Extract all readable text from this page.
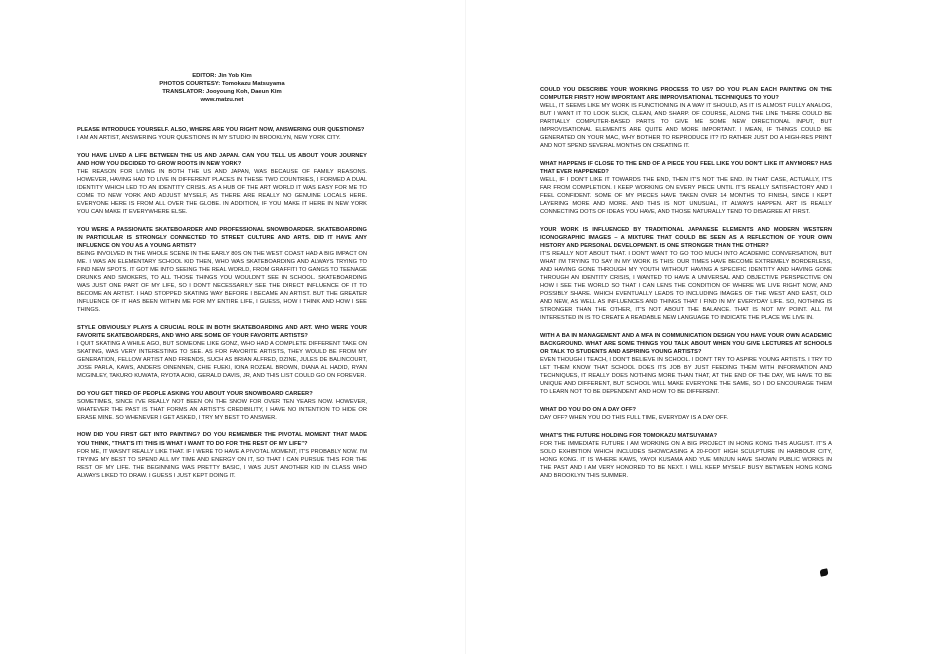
EDITOR: Jin Yob Kim
PHOTOS COURTESY: Tomokazu Matsuyama
TRANSLATOR: Jooyoung Koh, Daeun Kim
www.matzu.net
PLEASE INTRODUCE YOURSELF. ALSO, WHERE ARE YOU RIGHT NOW, ANSWERING OUR QUESTIONS?
I AM AN ARTIST, ANSWERING YOUR QUESTIONS IN MY STUDIO IN BROOKLYN, NEW YORK CITY.
YOU HAVE LIVED A LIFE BETWEEN THE US AND JAPAN. CAN YOU TELL US ABOUT YOUR JOURNEY AND HOW YOU DECIDED TO GROW ROOTS IN NEW YORK?
THE REASON FOR LIVING IN BOTH THE US AND JAPAN, WAS BECAUSE OF FAMILY REASONS. HOWEVER, HAVING HAD TO LIVE IN DIFFERENT PLACES IN THESE TWO COUNTRIES, I FORMED A DUAL IDENTITY WHICH LED TO AN IDENTITY CRISIS. AS A HUB OF THE ART WORLD IT WAS EASY FOR ME TO COME TO NEW YORK AND ADJUST MYSELF, AS THERE ARE REALLY NO GENUINE LOCALS HERE. EVERYONE HERE IS FROM ALL OVER THE GLOBE. IN ADDITION, IF YOU MAKE IT HERE IN NEW YORK YOU CAN MAKE IT EVERYWHERE ELSE.
YOU WERE A PASSIONATE SKATEBOARDER AND PROFESSIONAL SNOWBOARDER. SKATEBOARDING IN PARTICULAR IS STRONGLY CONNECTED TO STREET CULTURE AND ARTS. DID IT HAVE ANY INFLUENCE ON YOU AS A YOUNG ARTIST?
BEING INVOLVED IN THE WHOLE SCENE IN THE EARLY 80S ON THE WEST COAST HAD A BIG IMPACT ON ME. I WAS AN ELEMENTARY SCHOOL KID THEN, WHO WAS SKATEBOARDING AND ALWAYS TRYING TO FIND NEW SPOTS. IT GOT ME INTO SEEING THE REAL WORLD, FROM GRAFFITI TO GANGS TO TEENAGE DRUNKS AND SMOKERS, TO ALL THOSE THINGS YOU WOULDN'T SEE IN SCHOOL. SKATEBOARDING WAS JUST ONE PART OF MY LIFE, SO I DON'T NECESSARILY SEE THE DIRECT INFLUENCE OF IT TO BECOME AN ARTIST. I HAD STOPPED SKATING WAY BEFORE I BECAME AN ARTIST. BUT THE GREATER INFLUENCE OF IT HAS BEEN WITHIN ME FOR MY ENTIRE LIFE, I GUESS, HOW I THINK AND HOW I SEE THINGS.
STYLE OBVIOUSLY PLAYS A CRUCIAL ROLE IN BOTH SKATEBOARDING AND ART. WHO WERE YOUR FAVORITE SKATEBOARDERS, AND WHO ARE SOME OF YOUR FAVORITE ARTISTS?
I QUIT SKATING A WHILE AGO, BUT SOMEONE LIKE GONZ, WHO HAD A COMPLETE DIFFERENT TAKE ON SKATING, WAS VERY INTERESTING TO SEE. AS FOR FAVORITE ARTISTS, THEY WOULD BE FROM MY GENERATION, FELLOW ARTIST AND FRIENDS, SUCH AS BRIAN ALFRED, DZINE, JULES DE BALINCOURT, JOSE PARLA, KAWS, ANDERS OINENNEN, CHIE FUEKI, IONA ROZEAL BROWN, DIANA AL HADID, RYAN MCGINLEY, TAKURO KUWATA, RYOTA AOKI, GERALD DAVIS, JR, AND THIS LIST COULD GO ON FOREVER.
DO YOU GET TIRED OF PEOPLE ASKING YOU ABOUT YOUR SNOWBOARD CAREER?
SOMETIMES, SINCE I'VE REALLY NOT BEEN ON THE SNOW FOR OVER TEN YEARS NOW. HOWEVER, WHATEVER THE PAST IS THAT FORMS AN ARTIST'S CREDIBILITY, I HAVE NO INTENTION TO HIDE OR ERASE MINE. SO WHENEVER I GET ASKED, I TRY MY BEST TO ANSWER.
HOW DID YOU FIRST GET INTO PAINTING? DO YOU REMEMBER THE PIVOTAL MOMENT THAT MADE YOU THINK, "THAT'S IT! THIS IS WHAT I WANT TO DO FOR THE REST OF MY LIFE"?
FOR ME, IT WASN'T REALLY LIKE THAT. IF I WERE TO HAVE A PIVOTAL MOMENT, IT'S PROBABLY NOW. I'M TRYING MY BEST TO SPEND ALL MY TIME AND ENERGY ON IT, SO THAT I CAN PURSUE THIS FOR THE REST OF MY LIFE. THE BEGINNING WAS PRETTY BASIC, I WAS JUST ANOTHER KID IN CLASS WHO ALWAYS LIKED TO DRAW. I GUESS I JUST KEPT DOING IT.
COULD YOU DESCRIBE YOUR WORKING PROCESS TO US? DO YOU PLAN EACH PAINTING ON THE COMPUTER FIRST? HOW IMPORTANT ARE IMPROVISATIONAL TECHNIQUES TO YOU?
WELL, IT SEEMS LIKE MY WORK IS FUNCTIONING IN A WAY IT SHOULD, AS IT IS ALMOST FULLY ANALOG, BUT I WANT IT TO LOOK SLICK, CLEAN, AND SHARP. OF COURSE, ALONG THE LINE THERE COULD BE PARTIALLY COMPUTER-BASED PARTS TO GIVE ME SOME NEW DIRECTIONAL INPUT, BUT IMPROVISATIONAL ELEMENTS ARE QUITE AND MORE IMPORTANT. I MEAN, IF THINGS COULD BE GENERATED ON YOUR MAC, WHY BOTHER TO REPRODUCE IT? I'D RATHER JUST DO A HIGH-RES PRINT AND NOT SPEND SEVERAL MONTHS ON CREATING IT.
WHAT HAPPENS IF CLOSE TO THE END OF A PIECE YOU FEEL LIKE YOU DON'T LIKE IT ANYMORE? HAS THAT EVER HAPPENED?
WELL, IF I DON'T LIKE IT TOWARDS THE END, THEN IT'S NOT THE END. IN THAT CASE, ACTUALLY, IT'S FAR FROM COMPLETION. I KEEP WORKING ON EVERY PIECE UNTIL IT'S REALLY SATISFACTORY AND I FEEL CONFIDENT. SOME OF MY PIECES HAVE TAKEN OVER 14 MONTHS TO FINISH, SINCE I KEPT LAYERING MORE AND MORE. AND THIS IS NOT UNUSUAL, IT ALWAYS HAPPEN. ART IS REALLY CONNECTING DOTS OF IDEAS YOU HAVE, AND THOSE NATURALLY TEND TO DISAGREE AT FIRST.
YOUR WORK IS INFLUENCED BY TRADITIONAL JAPANESE ELEMENTS AND MODERN WESTERN ICONOGRAPHIC IMAGES – A MIXTURE THAT COULD BE SEEN AS A REFLECTION OF YOUR OWN HISTORY AND PERSONAL DEVELOPMENT. IS ONE STRONGER THAN THE OTHER?
IT'S REALLY NOT ABOUT THAT. I DON'T WANT TO GO TOO MUCH INTO ACADEMIC CONVERSATION, BUT WHAT I'M TRYING TO SAY IN MY WORK IS THIS: OUR TIMES HAVE BECOME EXTREMELY BORDERLESS, AND HAVING GONE THROUGH MY YOUTH WITHOUT HAVING A SPECIFIC IDENTITY AND HAVING GONE THROUGH AN IDENTITY CRISIS, I WANTED TO HAVE A UNIVERSAL AND OBJECTIVE PERSPECTIVE ON HOW I SEE THE WORLD SO THAT I CAN LENS THE CONDITION OF WHERE WE LIVE RIGHT NOW, AND POSSIBLY SHARE. WHICH EVENTUALLY LEADS TO INCLUDING IMAGES OF THE WEST AND EAST, OLD AND NEW, AS WELL AS INFLUENCES AND THINGS THAT I FIND IN MY EVERYDAY LIFE. SO, NOTHING IS STRONGER THAN THE OTHER, IT'S NOT ABOUT THE BALANCE. THAT IS NOT MY POINT. ALL I'M INTERESTED IN IS TO CREATE A READABLE NEW LANGUAGE TO INDICATE THE PLACE WE LIVE IN.
WITH A BA IN MANAGEMENT AND A MFA IN COMMUNICATION DESIGN YOU HAVE YOUR OWN ACADEMIC BACKGROUND. WHAT ARE SOME THINGS YOU TALK ABOUT WHEN YOU GIVE LECTURES AT SCHOOLS OR TALK TO STUDENTS AND ASPIRING YOUNG ARTISTS?
EVEN THOUGH I TEACH, I DON'T BELIEVE IN SCHOOL. I DON'T TRY TO ASPIRE YOUNG ARTISTS. I TRY TO LET THEM KNOW THAT SCHOOL DOES ITS JOB BY JUST FEEDING THEM WITH INFORMATION AND TECHNIQUES, IT REALLY DOES NOTHING MORE THAN THAT, AT THE END OF THE DAY, WE HAVE TO BE UNIQUE AND DIFFERENT, BUT SCHOOL WILL MAKE EVERYONE THE SAME, SO I DO ENCOURAGE THEM TO LEARN NOT TO BE DEPENDENT AND HOW TO BE DIFFERENT.
WHAT DO YOU DO ON A DAY OFF?
DAY OFF? WHEN YOU DO THIS FULL TIME, EVERYDAY IS A DAY OFF.
WHAT'S THE FUTURE HOLDING FOR TOMOKAZU MATSUYAMA?
FOR THE IMMEDIATE FUTURE I AM WORKING ON A BIG PROJECT IN HONG KONG THIS AUGUST. IT'S A SOLO EXHIBITION WHICH INCLUDES SHOWCASING A 20-FOOT HIGH SCULPTURE IN HARBOUR CITY, HONG KONG. IT IS WHERE KAWS, YAYOI KUSAMA AND YUE MINJUN HAVE SHOWN PUBLIC WORKS IN THE PAST AND I AM VERY HONORED TO BE NEXT. I WILL KEEP MYSELF BUSY BETWEEN HONG KONG AND BROOKLYN THIS SUMMER.
